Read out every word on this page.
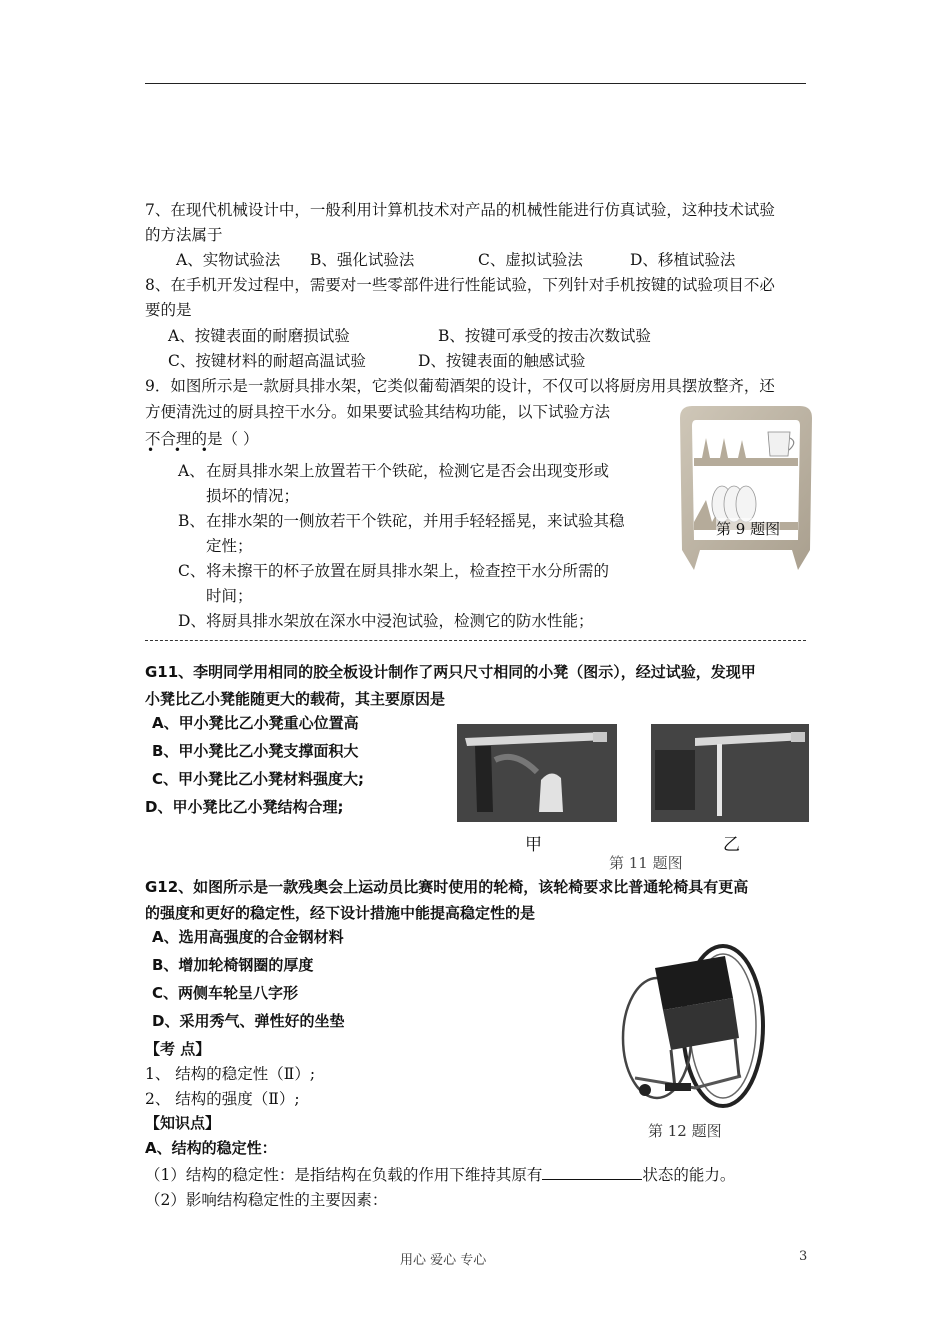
7、在现代机械设计中，一般利用计算机技术对产品的机械性能进行仿真试验，这种技术试验
的方法属于
A、实物试验法 B、强化试验法	C、虚拟试验法	D、移植试验法
8、在手机开发过程中，需要对一些零部件进行性能试验，下列针对手机按键的试验项目不必
要的是
A、按键表面的耐磨损试验	B、按键可承受的按击次数试验
C、按键材料的耐超高温试验	D、按键表面的触感试验
9．如图所示是一款厨具排水架，它类似葡萄酒架的设计，不仅可以将厨房用具摆放整齐，还
方便清洗过的厨具控干水分。如果要试验其结构功能，以下试验方法
不合理的是（ ）
• • •
A、 在厨具排水架上放置若干个铁砣，检测它是否会出现变形或
损坏的情况；
B、 在排水架的一侧放若干个铁砣，并用手轻轻摇晃，来试验其稳
定性；
C、 将未擦干的杯子放置在厨具排水架上，检查控干水分所需的
时间；
D、 将厨具排水架放在深水中浸泡试验，检测它的防水性能；
第 9 题图
G11、李明同学用相同的胶全板设计制作了两只尺寸相同的小凳（图示），经过试验，发现甲
小凳比乙小凳能随更大的载荷，其主要原因是
A、甲小凳比乙小凳重心位置高
B、甲小凳比乙小凳支撑面积大
C、甲小凳比乙小凳材料强度大;
D、甲小凳比乙小凳结构合理;
甲	乙
第 11 题图
G12、如图所示是一款残奥会上运动员比赛时使用的轮椅，该轮椅要求比普通轮椅具有更高
的强度和更好的稳定性，经下设计措施中能提高稳定性的是
A、选用高强度的合金钢材料
B、增加轮椅钢圈的厚度
C、两侧车轮呈八字形
D、采用秀气、弹性好的坐垫
第 12 题图
【考 点】
1、 结构的稳定性（Ⅱ）;
2、 结构的强度（Ⅱ）;
【知识点】
A、结构的稳定性：
（1）结构的稳定性：是指结构在负载的作用下维持其原有	状态的能力。
（2）影响结构稳定性的主要因素：
用心 爱心 专心	3
